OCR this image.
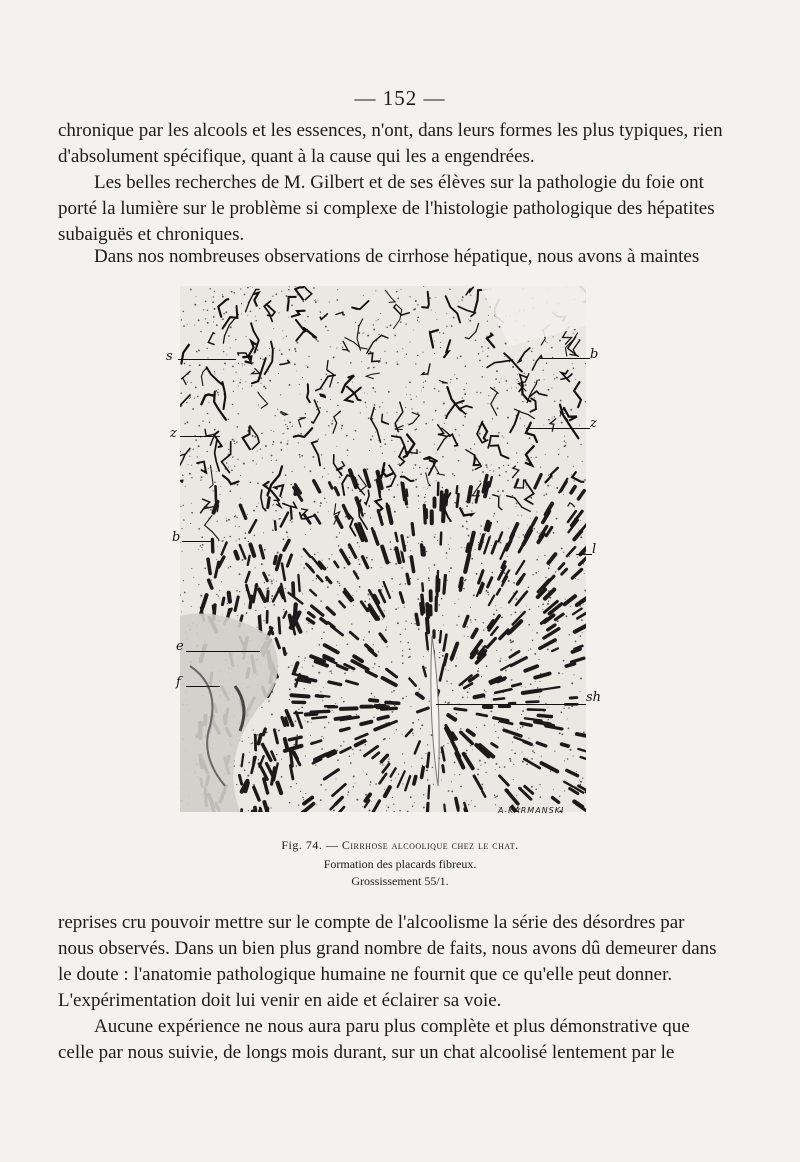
— 152 —
chronique par les alcools et les essences, n'ont, dans leurs formes les plus typiques, rien
d'absolument spécifique, quant à la cause qui les a engendrées.
Les belles recherches de M. Gilbert et de ses élèves sur la pathologie du foie ont
porté la lumière sur le problème si complexe de l'histologie pathologique des hépatites
subaiguës et chroniques.
Dans nos nombreuses observations de cirrhose hépatique, nous avons à maintes
s
z
b
e
f
b
z
l
sh
A KARMANSKI
Fig. 74. — Cirrhose alcoolique chez le chat.
Formation des placards fibreux.
Grossissement 55/1.
reprises cru pouvoir mettre sur le compte de l'alcoolisme la série des désordres par
nous observés. Dans un bien plus grand nombre de faits, nous avons dû demeurer dans
le doute : l'anatomie pathologique humaine ne fournit que ce qu'elle peut donner.
L'expérimentation doit lui venir en aide et éclairer sa voie.
Aucune expérience ne nous aura paru plus complète et plus démonstrative que
celle par nous suivie, de longs mois durant, sur un chat alcoolisé lentement par le
